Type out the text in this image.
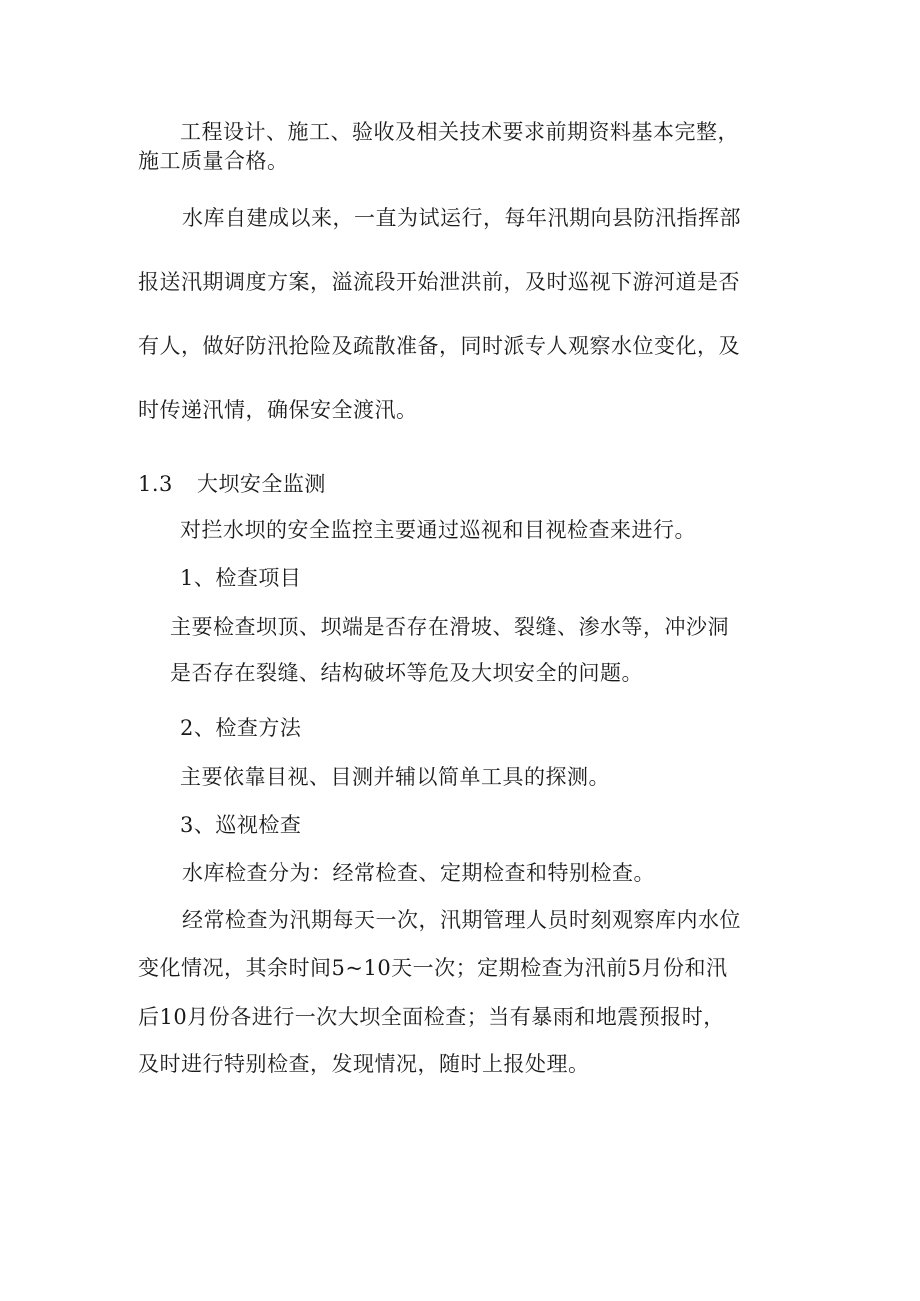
工程设计、施工、验收及相关技术要求前期资料基本完整，
施工质量合格。
水库自建成以来，一直为试运行，每年汛期向县防汛指挥部
报送汛期调度方案，溢流段开始泄洪前，及时巡视下游河道是否
有人，做好防汛抢险及疏散准备，同时派专人观察水位变化，及
时传递汛情，确保安全渡汛。
1.3 大坝安全监测
对拦水坝的安全监控主要通过巡视和目视检查来进行。
1、检查项目
主要检查坝顶、坝端是否存在滑坡、裂缝、渗水等，冲沙洞
是否存在裂缝、结构破坏等危及大坝安全的问题。
2、检查方法
主要依靠目视、目测并辅以简单工具的探测。
3、巡视检查
水库检查分为：经常检查、定期检查和特别检查。
经常检查为汛期每天一次，汛期管理人员时刻观察库内水位
变化情况，其余时间5~10天一次；定期检查为汛前5月份和汛
后10月份各进行一次大坝全面检查；当有暴雨和地震预报时，
及时进行特别检查，发现情况，随时上报处理。
